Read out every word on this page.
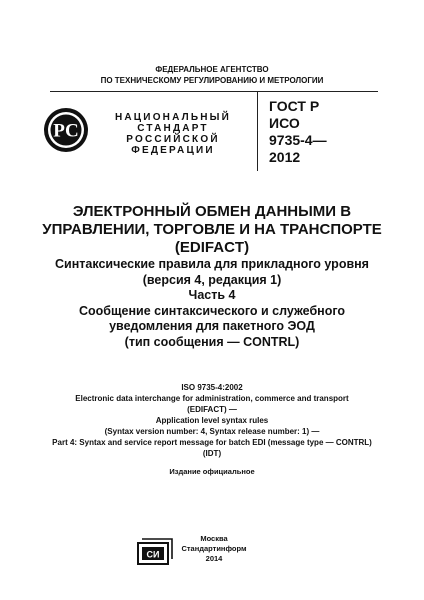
ФЕДЕРАЛЬНОЕ АГЕНТСТВО
ПО ТЕХНИЧЕСКОМУ РЕГУЛИРОВАНИЮ И МЕТРОЛОГИИ
РС
НАЦИОНАЛЬНЫЙ
СТАНДАРТ
РОССИЙСКОЙ
ФЕДЕРАЦИИ
ГОСТ Р
ИСО
9735-4—
2012
ЭЛЕКТРОННЫЙ ОБМЕН ДАННЫМИ В
УПРАВЛЕНИИ, ТОРГОВЛЕ И НА ТРАНСПОРТЕ
(EDIFACT)
Синтаксические правила для прикладного уровня
(версия 4, редакция 1)
Часть 4
Сообщение синтаксического и служебного
уведомления для пакетного ЭОД
(тип сообщения — CONTRL)
ISO 9735-4:2002
Electronic data interchange for administration, commerce and transport
(EDIFACT) —
Application level syntax rules
(Syntax version number: 4, Syntax release number: 1) —
Part 4: Syntax and service report message for batch EDI (message type — CONTRL)
(IDT)
Издание официальное
СИ
Москва
Стандартинформ
2014
